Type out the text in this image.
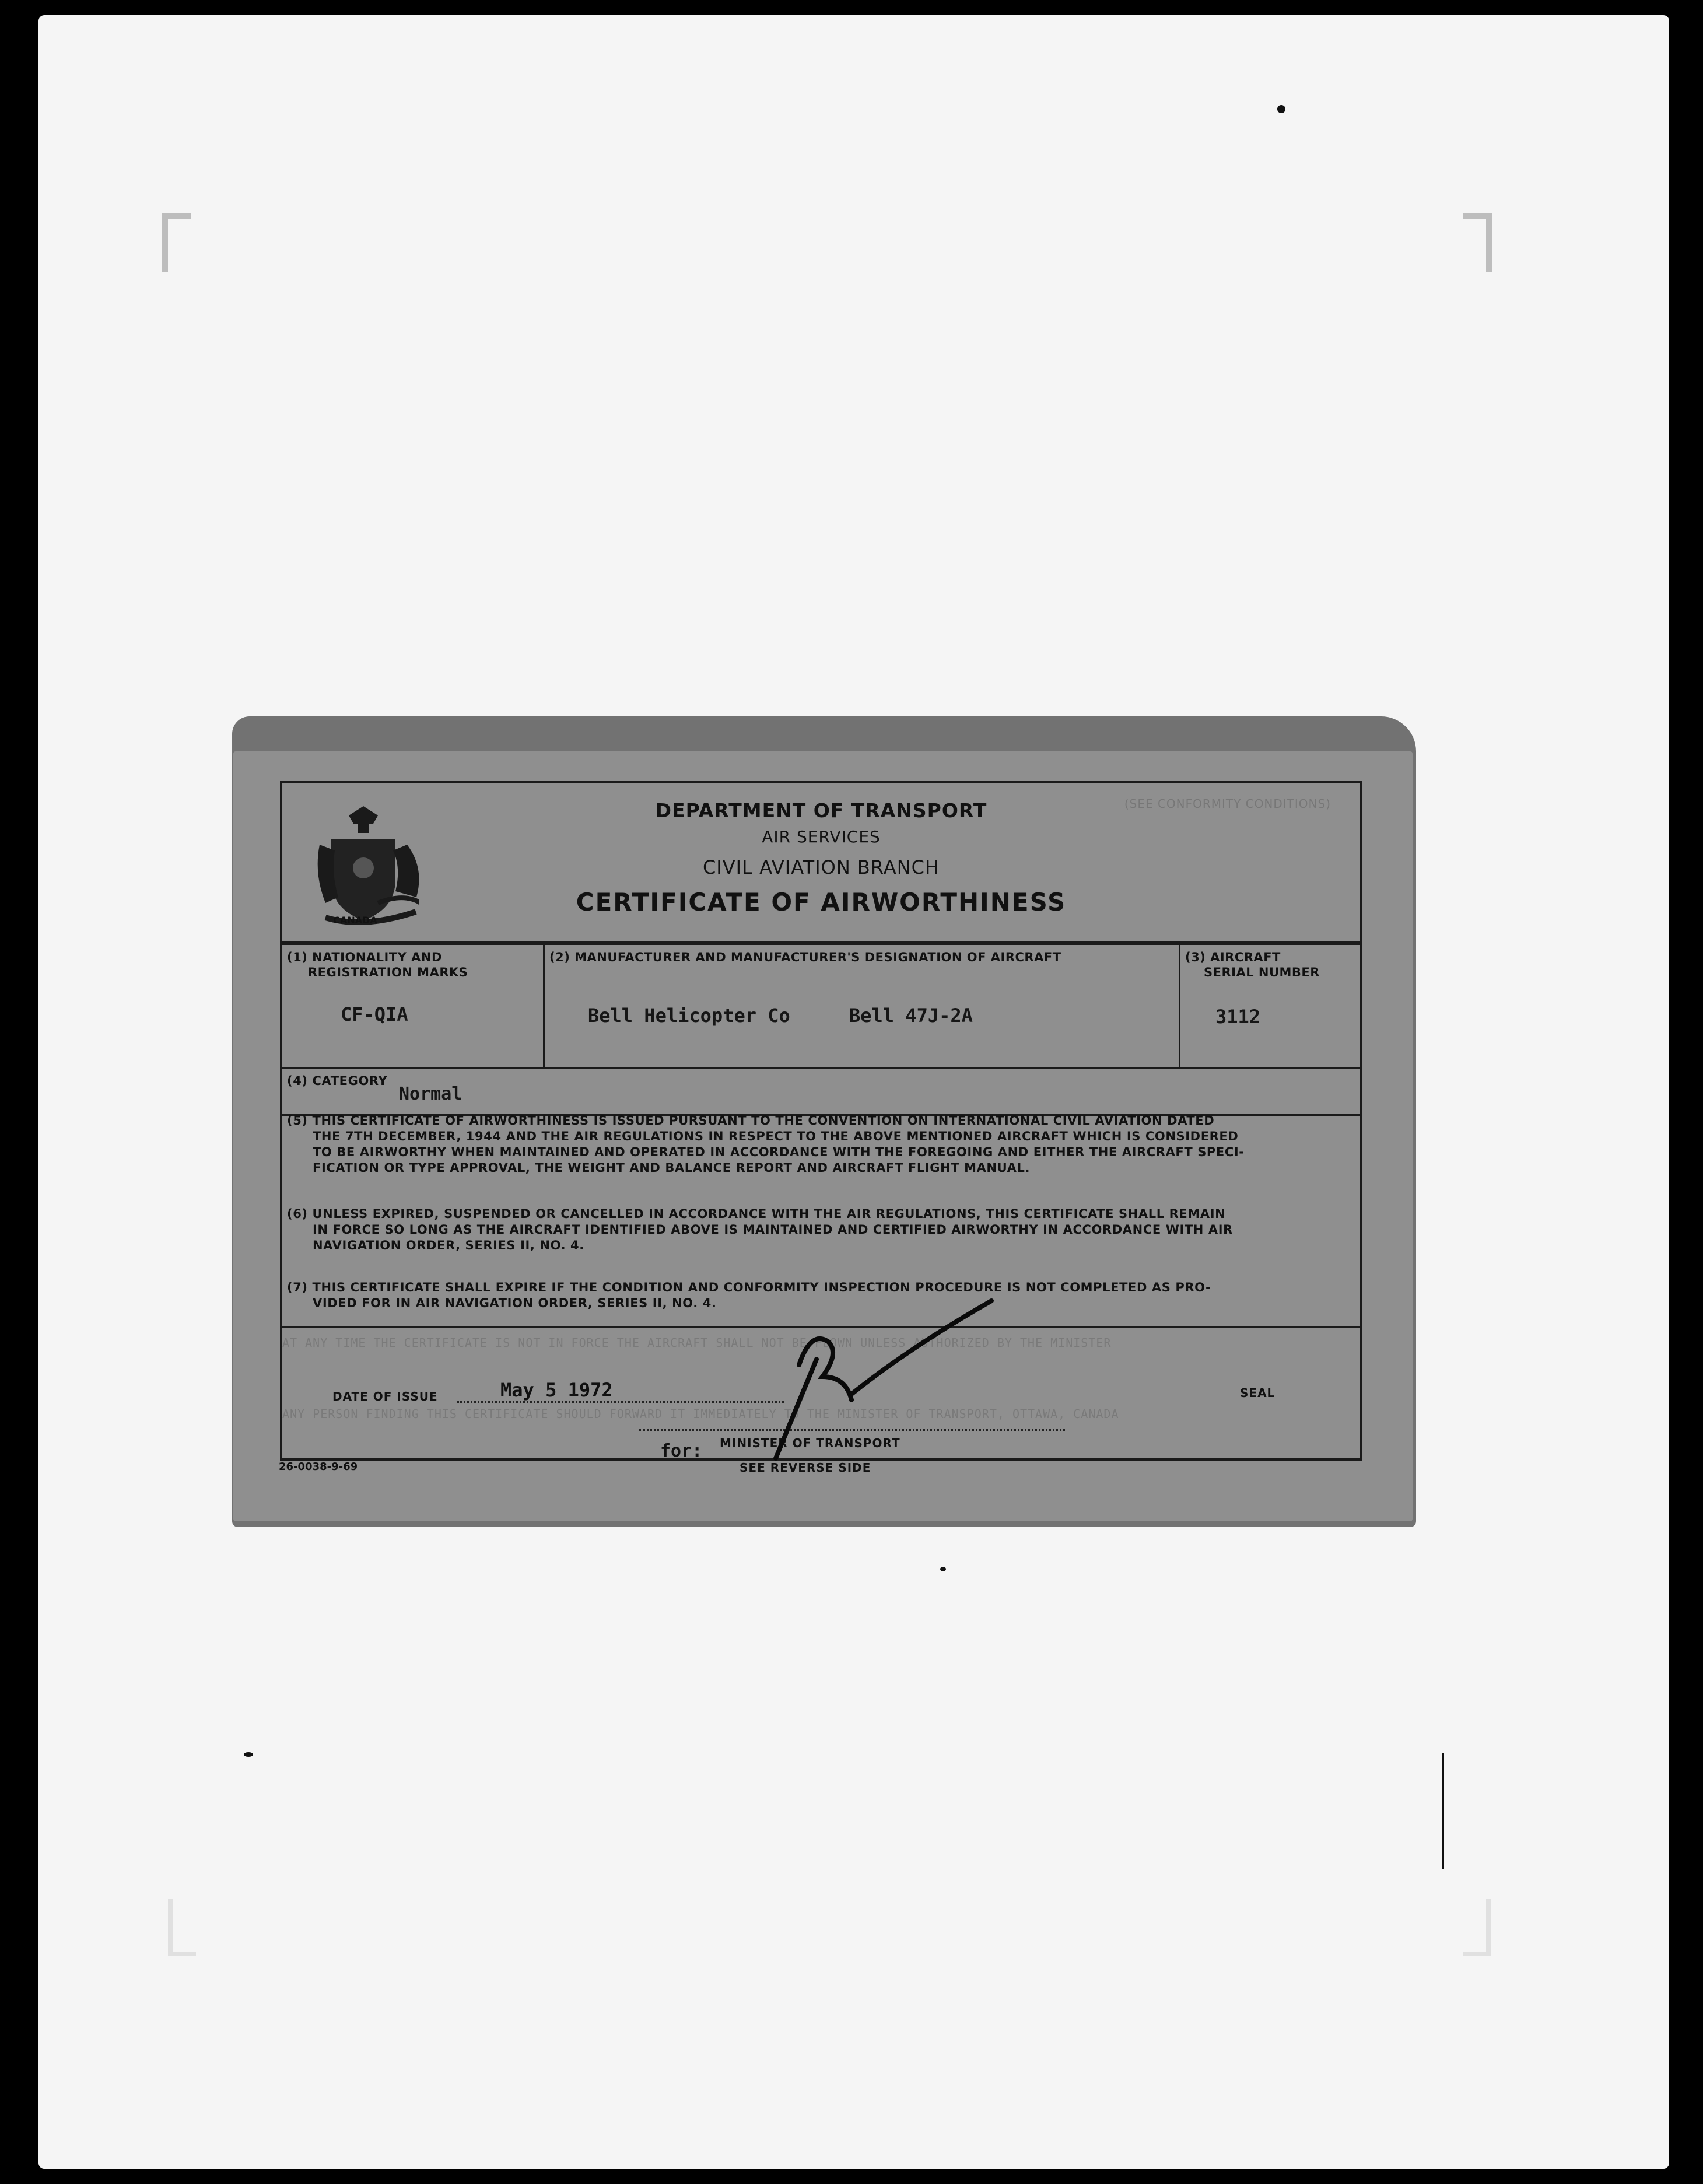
CANADA
(SEE CONFORMITY CONDITIONS)
DEPARTMENT OF TRANSPORT
AIR SERVICES
CIVIL AVIATION BRANCH
CERTIFICATE OF AIRWORTHINESS
(1) NATIONALITY AND
REGISTRATION MARKS
CF-QIA
(2) MANUFACTURER AND MANUFACTURER'S DESIGNATION OF AIRCRAFT
Bell Helicopter Co	Bell 47J-2A
(3) AIRCRAFT
SERIAL NUMBER
3112
(4) CATEGORY
Normal
(5) THIS CERTIFICATE OF AIRWORTHINESS IS ISSUED PURSUANT TO THE CONVENTION ON INTERNATIONAL CIVIL AVIATION DATED
THE 7TH DECEMBER, 1944 AND THE AIR REGULATIONS IN RESPECT TO THE ABOVE MENTIONED AIRCRAFT WHICH IS CONSIDERED
TO BE AIRWORTHY WHEN MAINTAINED AND OPERATED IN ACCORDANCE WITH THE FOREGOING AND EITHER THE AIRCRAFT SPECI-
FICATION OR TYPE APPROVAL, THE WEIGHT AND BALANCE REPORT AND AIRCRAFT FLIGHT MANUAL.
(6) UNLESS EXPIRED, SUSPENDED OR CANCELLED IN ACCORDANCE WITH THE AIR REGULATIONS, THIS CERTIFICATE SHALL REMAIN
IN FORCE SO LONG AS THE AIRCRAFT IDENTIFIED ABOVE IS MAINTAINED AND CERTIFIED AIRWORTHY IN ACCORDANCE WITH AIR
NAVIGATION ORDER, SERIES II, NO. 4.
(7) THIS CERTIFICATE SHALL EXPIRE IF THE CONDITION AND CONFORMITY INSPECTION PROCEDURE IS NOT COMPLETED AS PRO-
VIDED FOR IN AIR NAVIGATION ORDER, SERIES II, NO. 4.
AT ANY TIME THE CERTIFICATE IS NOT IN FORCE THE AIRCRAFT SHALL NOT BE FLOWN UNLESS AUTHORIZED BY THE MINISTER
ANY PERSON FINDING THIS CERTIFICATE SHOULD FORWARD IT IMMEDIATELY TO THE MINISTER OF TRANSPORT, OTTAWA, CANADA
DATE OF ISSUE	May 5 1972	SEAL
for: MINISTER OF TRANSPORT
26-0038-9-69	SEE REVERSE SIDE
